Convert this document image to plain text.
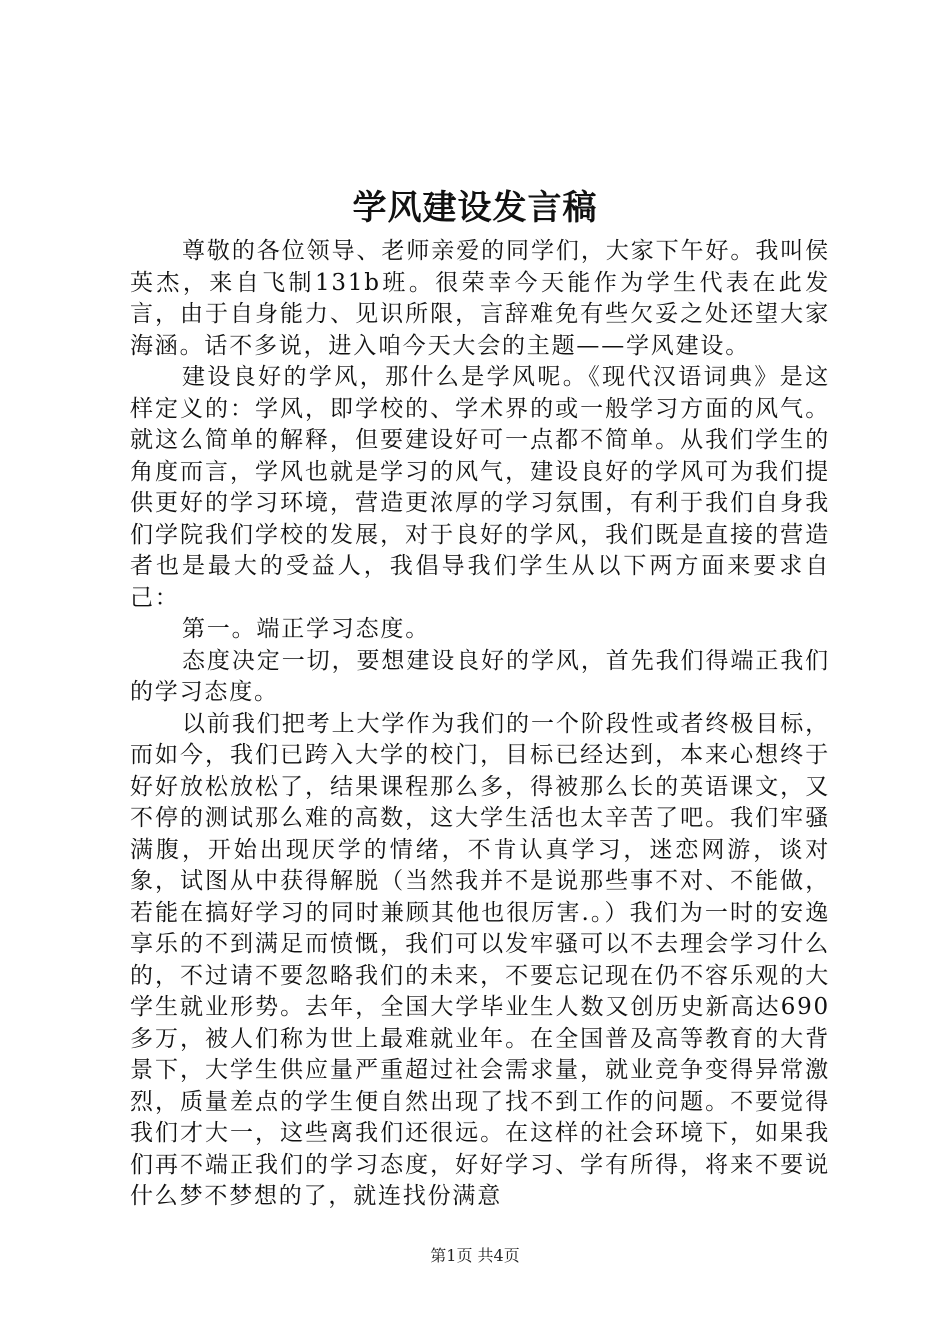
学风建设发言稿

尊敬的各位领导、老师亲爱的同学们，大家下午好。我叫侯英杰，来自飞制131b班。很荣幸今天能作为学生代表在此发言，由于自身能力、见识所限，言辞难免有些欠妥之处还望大家海涵。话不多说，进入咱今天大会的主题——学风建设。

建设良好的学风，那什么是学风呢。《现代汉语词典》是这样定义的：学风，即学校的、学术界的或一般学习方面的风气。就这么简单的解释，但要建设好可一点都不简单。从我们学生的角度而言，学风也就是学习的风气，建设良好的学风可为我们提供更好的学习环境，营造更浓厚的学习氛围，有利于我们自身我们学院我们学校的发展，对于良好的学风，我们既是直接的营造者也是最大的受益人，我倡导我们学生从以下两方面来要求自己：

第一。端正学习态度。

态度决定一切，要想建设良好的学风，首先我们得端正我们的学习态度。

以前我们把考上大学作为我们的一个阶段性或者终极目标，而如今，我们已跨入大学的校门，目标已经达到，本来心想终于好好放松放松了，结果课程那么多，得被那么长的英语课文，又不停的测试那么难的高数，这大学生活也太辛苦了吧。我们牢骚满腹，开始出现厌学的情绪，不肯认真学习，迷恋网游，谈对象，试图从中获得解脱（当然我并不是说那些事不对、不能做，若能在搞好学习的同时兼顾其他也很厉害.。）我们为一时的安逸享乐的不到满足而愤慨，我们可以发牢骚可以不去理会学习什么的，不过请不要忽略我们的未来，不要忘记现在仍不容乐观的大学生就业形势。去年，全国大学毕业生人数又创历史新高达690多万，被人们称为世上最难就业年。在全国普及高等教育的大背景下，大学生供应量严重超过社会需求量，就业竞争变得异常激烈，质量差点的学生便自然出现了找不到工作的问题。不要觉得我们才大一，这些离我们还很远。在这样的社会环境下，如果我们再不端正我们的学习态度，好好学习、学有所得，将来不要说什么梦不梦想的了，就连找份满意

第1页 共4页
